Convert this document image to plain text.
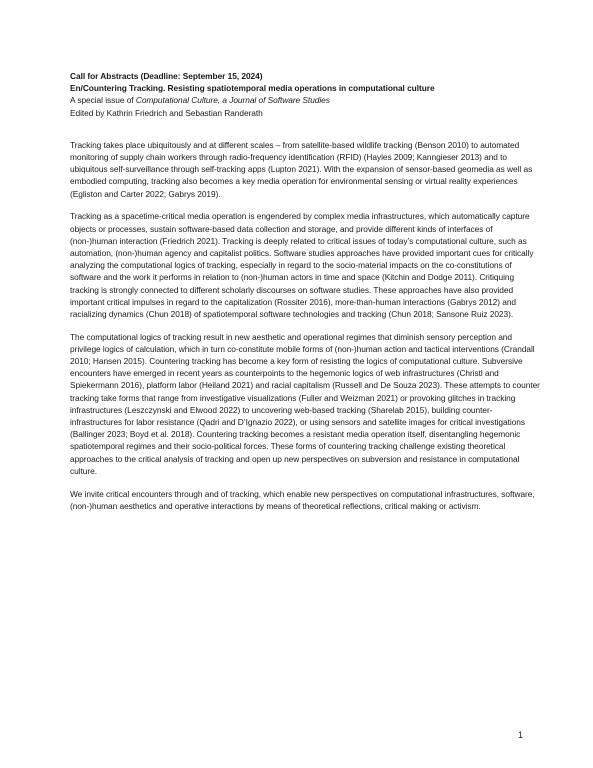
Call for Abstracts (Deadline: September 15, 2024)

En/Countering Tracking. Resisting spatiotemporal media operations in computational culture

A special issue of Computational Culture, a Journal of Software Studies

Edited by Kathrin Friedrich and Sebastian Randerath

Tracking takes place ubiquitously and at different scales – from satellite-based wildlife tracking (Benson 2010) to automated monitoring of supply chain workers through radio-frequency identification (RFID) (Hayles 2009; Kanngieser 2013) and to ubiquitous self-surveillance through self-tracking apps (Lupton 2021). With the expansion of sensor-based geomedia as well as embodied computing, tracking also becomes a key media operation for environmental sensing or virtual reality experiences (Egliston and Carter 2022; Gabrys 2019).

Tracking as a spacetime-critical media operation is engendered by complex media infrastructures, which automatically capture objects or processes, sustain software-based data collection and storage, and provide different kinds of interfaces of (non-)human interaction (Friedrich 2021). Tracking is deeply related to critical issues of today’s computational culture, such as automation, (non-)human agency and capitalist politics. Software studies approaches have provided important cues for critically analyzing the computational logics of tracking, especially in regard to the socio-material impacts on the co-constitutions of software and the work it performs in relation to (non-)human actors in time and space (Kitchin and Dodge 2011). Critiquing tracking is strongly connected to different scholarly discourses on software studies. These approaches have also provided important critical impulses in regard to the capitalization (Rossiter 2016), more-than-human interactions (Gabrys 2012) and racializing dynamics (Chun 2018) of spatiotemporal software technologies and tracking (Chun 2018; Sansone Ruiz 2023).

The computational logics of tracking result in new aesthetic and operational regimes that diminish sensory perception and privilege logics of calculation, which in turn co-constitute mobile forms of (non-)human action and tactical interventions (Crandall 2010; Hansen 2015). Countering tracking has become a key form of resisting the logics of computational culture. Subversive encounters have emerged in recent years as counterpoints to the hegemonic logics of web infrastructures (Christl and Spiekermann 2016), platform labor (Heiland 2021) and racial capitalism (Russell and De Souza 2023). These attempts to counter tracking take forms that range from investigative visualizations (Fuller and Weizman 2021) or provoking glitches in tracking infrastructures (Leszczynski and Elwood 2022) to uncovering web-based tracking (Sharelab 2015), building counter-infrastructures for labor resistance (Qadri and D’Ignazio 2022), or using sensors and satellite images for critical investigations (Ballinger 2023; Boyd et al. 2018). Countering tracking becomes a resistant media operation itself, disentangling hegemonic spatiotemporal regimes and their socio-political forces. These forms of countering tracking challenge existing theoretical approaches to the critical analysis of tracking and open up new perspectives on subversion and resistance in computational culture.

We invite critical encounters through and of tracking, which enable new perspectives on computational infrastructures, software, (non-)human aesthetics and operative interactions by means of theoretical reflections, critical making or activism.

1
